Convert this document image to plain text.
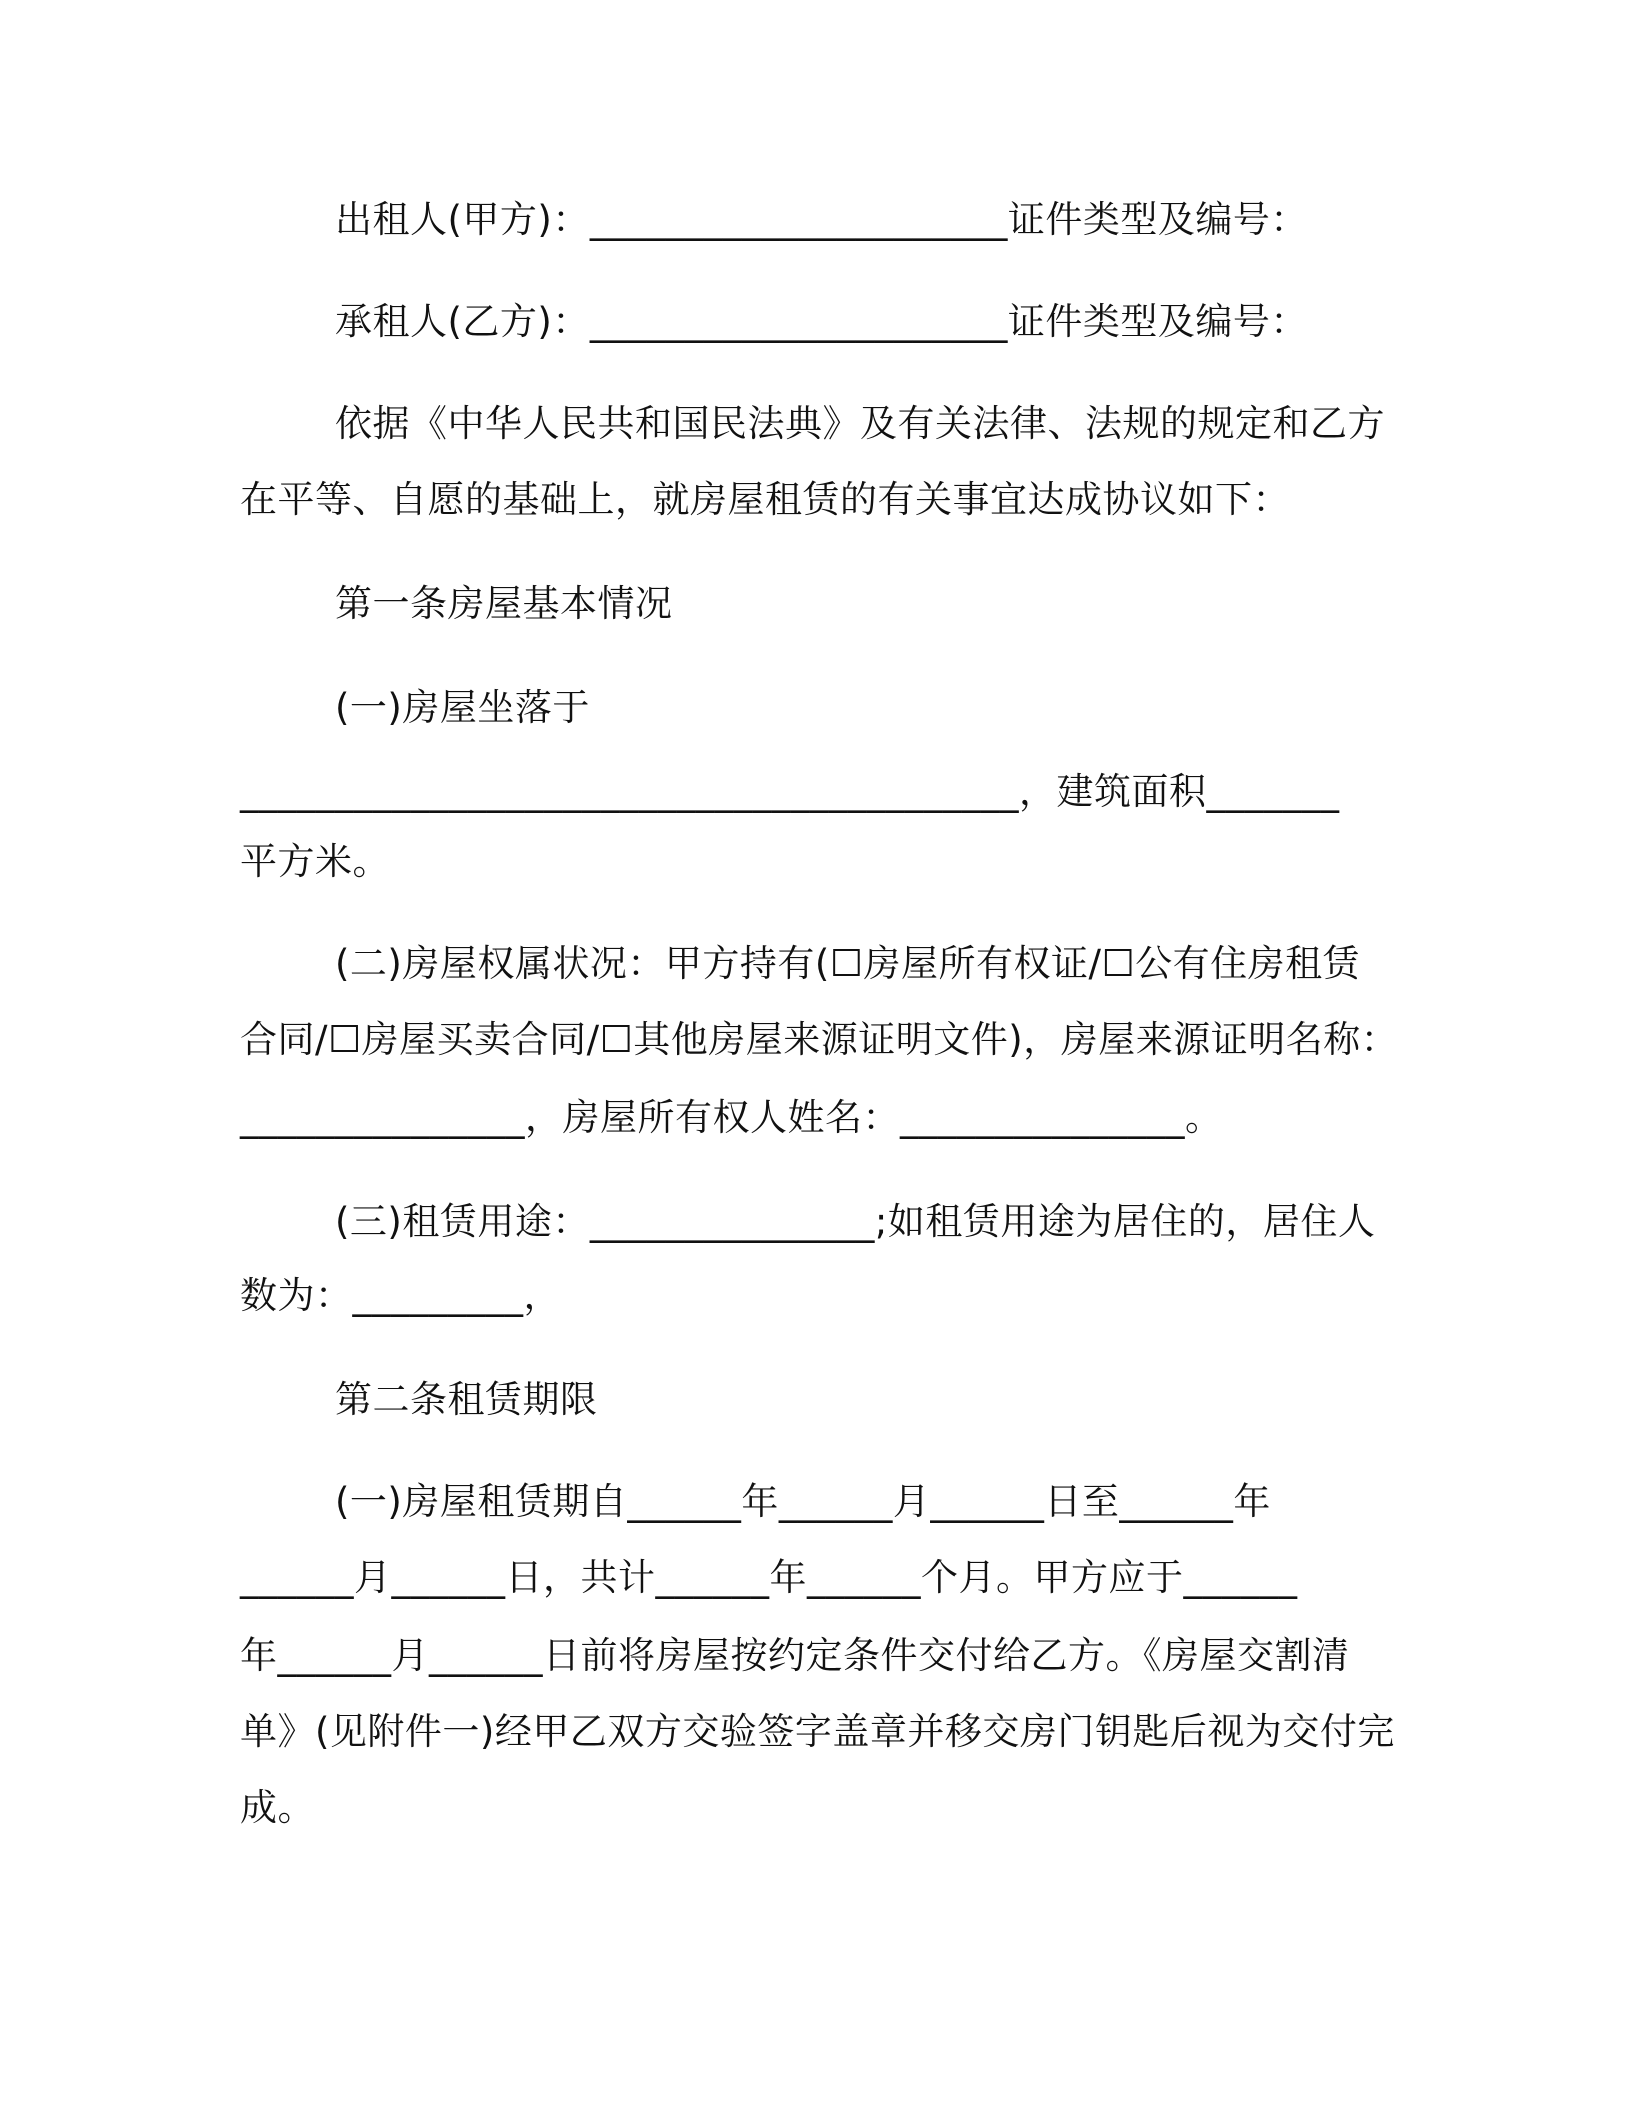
出租人(甲方)：______________________证件类型及编号：
承租人(乙方)：______________________证件类型及编号：
依据《中华人民共和国民法典》及有关法律、法规的规定和乙方
在平等、自愿的基础上，就房屋租赁的有关事宜达成协议如下：
第一条房屋基本情况
(一)房屋坐落于
_________________________________________，建筑面积_______
平方米。
(二)房屋权属状况：甲方持有(☐房屋所有权证/☐公有住房租赁
合同/☐房屋买卖合同/☐其他房屋来源证明文件)，房屋来源证明名称：
_______________，房屋所有权人姓名：_______________。
(三)租赁用途：_______________;如租赁用途为居住的，居住人
数为：_________，
第二条租赁期限
(一)房屋租赁期自______年______月______日至______年
______月______日，共计______年______个月。甲方应于______
年______月______日前将房屋按约定条件交付给乙方。《房屋交割清
单》(见附件一)经甲乙双方交验签字盖章并移交房门钥匙后视为交付完
成。
